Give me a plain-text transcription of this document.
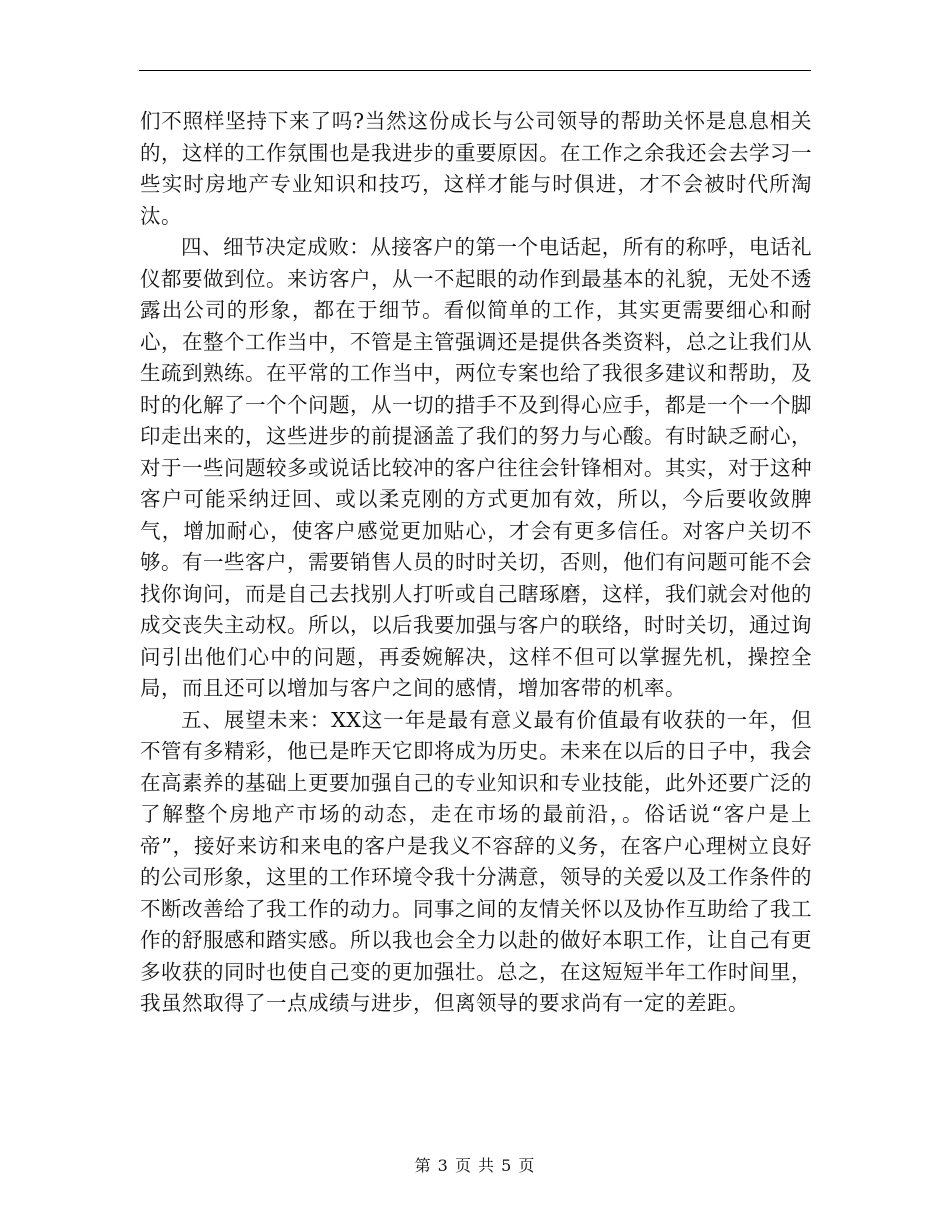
们不照样坚持下来了吗?当然这份成长与公司领导的帮助关怀是息息相关的，这样的工作氛围也是我进步的重要原因。在工作之余我还会去学习一些实时房地产专业知识和技巧，这样才能与时俱进，才不会被时代所淘汰。

四、细节决定成败：从接客户的第一个电话起，所有的称呼，电话礼仪都要做到位。来访客户，从一不起眼的动作到最基本的礼貌，无处不透露出公司的形象，都在于细节。看似简单的工作，其实更需要细心和耐心，在整个工作当中，不管是主管强调还是提供各类资料，总之让我们从生疏到熟练。在平常的工作当中，两位专案也给了我很多建议和帮助，及时的化解了一个个问题，从一切的措手不及到得心应手，都是一个一个脚印走出来的，这些进步的前提涵盖了我们的努力与心酸。有时缺乏耐心，对于一些问题较多或说话比较冲的客户往往会针锋相对。其实，对于这种客户可能采纳迂回、或以柔克刚的方式更加有效，所以，今后要收敛脾气，增加耐心，使客户感觉更加贴心，才会有更多信任。对客户关切不够。有一些客户，需要销售人员的时时关切，否则，他们有问题可能不会找你询问，而是自己去找别人打听或自己瞎琢磨，这样，我们就会对他的成交丧失主动权。所以，以后我要加强与客户的联络，时时关切，通过询问引出他们心中的问题，再委婉解决，这样不但可以掌握先机，操控全局，而且还可以增加与客户之间的感情，增加客带的机率。

五、展望未来：XX这一年是最有意义最有价值最有收获的一年，但不管有多精彩，他已是昨天它即将成为历史。未来在以后的日子中，我会在高素养的基础上更要加强自己的专业知识和专业技能，此外还要广泛的了解整个房地产市场的动态，走在市场的最前沿，。俗话说“客户是上帝”，接好来访和来电的客户是我义不容辞的义务，在客户心理树立良好的公司形象，这里的工作环境令我十分满意，领导的关爱以及工作条件的不断改善给了我工作的动力。同事之间的友情关怀以及协作互助给了我工作的舒服感和踏实感。所以我也会全力以赴的做好本职工作，让自己有更多收获的同时也使自己变的更加强壮。总之，在这短短半年工作时间里，我虽然取得了一点成绩与进步，但离领导的要求尚有一定的差距。

第 3 页 共 5 页
